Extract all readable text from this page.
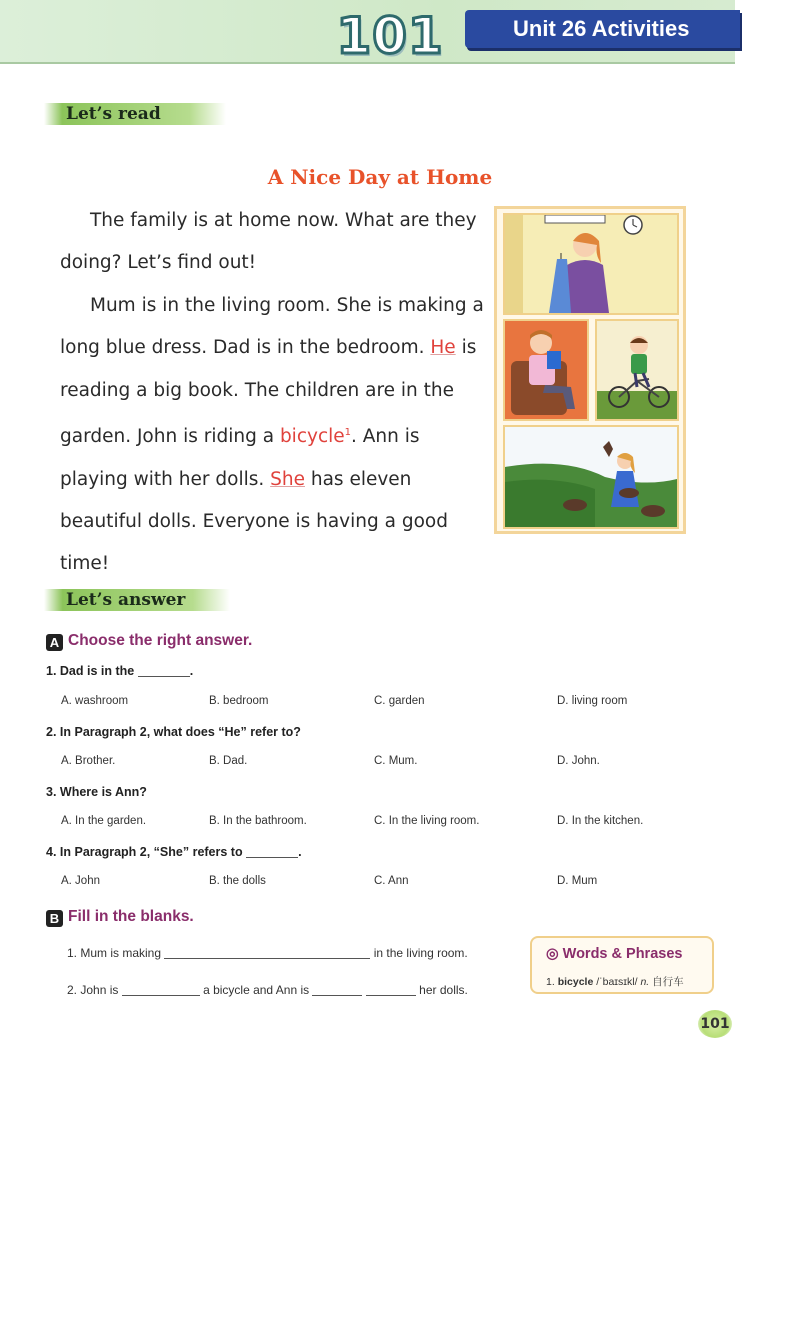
101	Unit 26 Activities
Let’s read
A Nice Day at Home

The family is at home now. What are they doing? Let’s find out!

Mum is in the living room. She is making a long blue dress. Dad is in the bedroom. He is reading a big book. The children are in the garden. John is riding a bicycle$^1$. Ann is playing with her dolls. She has eleven beautiful dolls. Everyone is having a good time!

Let’s answer
A Choose the right answer.
1. Dad is in the	.
A. washroom	B. bedroom	C. garden	D. living room
2. In Paragraph 2, what does “He” refer to?
A. Brother.	B. Dad.	C. Mum.	D. John.
3. Where is Ann?
A. In the garden.	B. In the bathroom.	C. In the living room.	D. In the kitchen.
4. In Paragraph 2, “She” refers to	.
A. John	B. the dolls	C. Ann	D. Mum
B Fill in the blanks.
1. Mum is making	in the living room.
2. John is	a bicycle and Ann is	her dolls.
◎ Words & Phrases
1. bicycle /ˈbaɪsɪkl/ n. 自行车
101
